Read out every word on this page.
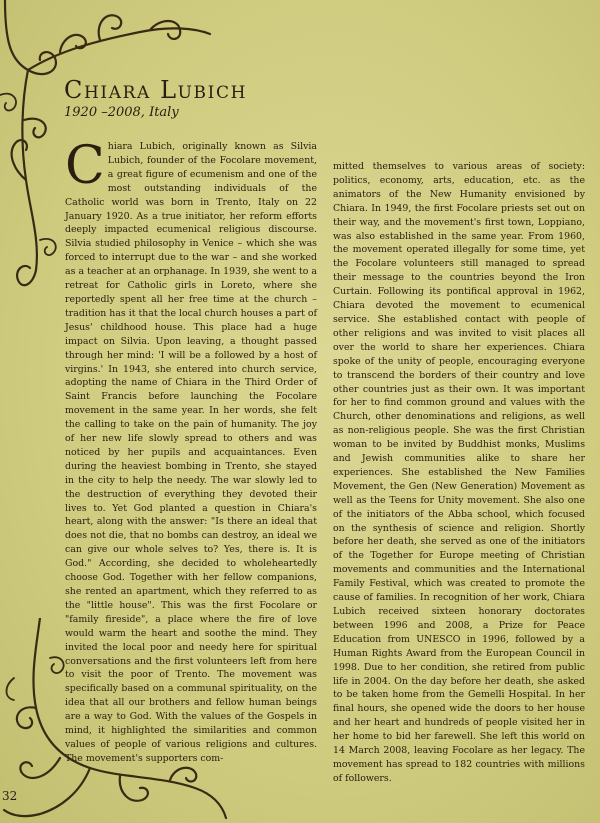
Chiara Lubich
1920 –2008, Italy

C hiara Lubich, originally known as Silvia Lubich, founder of the Focolare movement, a great figure of ecumenism and one of the most outstanding individuals of the Catholic world was born in Trento, Italy on 22 January 1920. As a true initiator, her reform efforts deeply impacted ecumenical religious discourse. Silvia studied philosophy in Venice – which she was forced to interrupt due to the war – and she worked as a teacher at an orphanage. In 1939, she went to a retreat for Catholic girls in Loreto, where she reportedly spent all her free time at the church – tradition has it that the local church houses a part of Jesus' childhood house. This place had a huge impact on Silvia. Upon leaving, a thought passed through her mind: 'I will be a followed by a host of virgins.' In 1943, she entered into church service, adopting the name of Chiara in the Third Order of Saint Francis before launching the Focolare movement in the same year. In her words, she felt the calling to take on the pain of humanity. The joy of her new life slowly spread to others and was noticed by her pupils and acquaintances. Even during the heaviest bombing in Trento, she stayed in the city to help the needy. The war slowly led to the destruction of everything they devoted their lives to. Yet God planted a question in Chiara's heart, along with the answer: "Is there an ideal that does not die, that no bombs can destroy, an ideal we can give our whole selves to? Yes, there is. It is God." According, she decided to wholeheartedly choose God. Together with her fellow companions, she rented an apartment, which they referred to as the "little house". This was the first Focolare or "family fireside", a place where the fire of love would warm the heart and soothe the mind. They invited the local poor and needy here for spiritual conversations and the first volunteers left from here to visit the poor of Trento. The movement was specifically based on a communal spirituality, on the idea that all our brothers and fellow human beings are a way to God. With the values of the Gospels in mind, it highlighted the similarities and common values of people of various religions and cultures. The movement's supporters com-

mitted themselves to various areas of society: politics, economy, arts, education, etc. as the animators of the New Humanity envisioned by Chiara. In 1949, the first Focolare priests set out on their way, and the movement's first town, Loppiano, was also established in the same year. From 1960, the movement operated illegally for some time, yet the Focolare volunteers still managed to spread their message to the countries beyond the Iron Curtain. Following its pontifical approval in 1962, Chiara devoted the movement to ecumenical service. She established contact with people of other religions and was invited to visit places all over the world to share her experiences. Chiara spoke of the unity of people, encouraging everyone to transcend the borders of their country and love other countries just as their own. It was important for her to find common ground and values with the Church, other denominations and religions, as well as non-religious people. She was the first Christian woman to be invited by Buddhist monks, Muslims and Jewish communities alike to share her experiences. She established the New Families Movement, the Gen (New Generation) Movement as well as the Teens for Unity movement. She also one of the initiators of the Abba school, which focused on the synthesis of science and religion. Shortly before her death, she served as one of the initiators of the Together for Europe meeting of Christian movements and communities and the International Family Festival, which was created to promote the cause of families. In recognition of her work, Chiara Lubich received sixteen honorary doctorates between 1996 and 2008, a Prize for Peace Education from UNESCO in 1996, followed by a Human Rights Award from the European Council in 1998. Due to her condition, she retired from public life in 2004. On the day before her death, she asked to be taken home from the Gemelli Hospital. In her final hours, she opened wide the doors to her house and her heart and hundreds of people visited her in her home to bid her farewell. She left this world on 14 March 2008, leaving Focolare as her legacy. The movement has spread to 182 countries with millions of followers.

32
